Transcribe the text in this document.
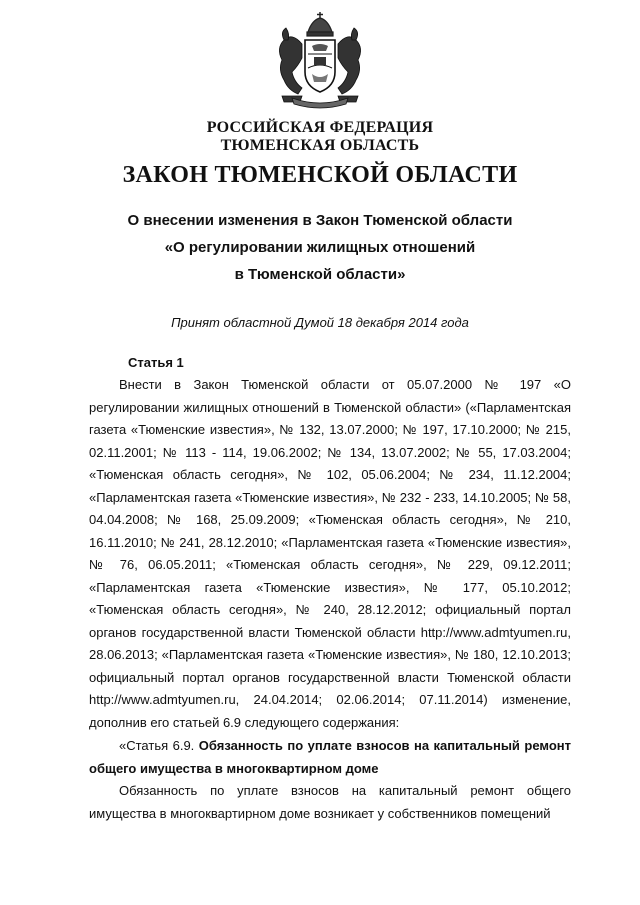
РОССИЙСКАЯ ФЕДЕРАЦИЯ
ТЮМЕНСКАЯ ОБЛАСТЬ
ЗАКОН ТЮМЕНСКОЙ ОБЛАСТИ
О внесении изменения в Закон Тюменской области
«О регулировании жилищных отношений
в Тюменской области»
Принят областной Думой 18 декабря 2014 года
Статья 1

Внести в Закон Тюменской области от 05.07.2000 № 197 «О регулировании жилищных отношений в Тюменской области» («Парламентская газета «Тюменские известия», № 132, 13.07.2000; № 197, 17.10.2000; № 215, 02.11.2001; № 113 - 114, 19.06.2002; № 134, 13.07.2002; № 55, 17.03.2004; «Тюменская область сегодня», № 102, 05.06.2004; № 234, 11.12.2004; «Парламентская газета «Тюменские известия», № 232 - 233, 14.10.2005; № 58, 04.04.2008; № 168, 25.09.2009; «Тюменская область сегодня», № 210, 16.11.2010; № 241, 28.12.2010; «Парламентская газета «Тюменские известия», № 76, 06.05.2011; «Тюменская область сегодня», № 229, 09.12.2011; «Парламентская газета «Тюменские известия», № 177, 05.10.2012; «Тюменская область сегодня», № 240, 28.12.2012; официальный портал органов государственной власти Тюменской области http://www.admtyumen.ru, 28.06.2013; «Парламентская газета «Тюменские известия», № 180, 12.10.2013; официальный портал органов государственной власти Тюменской области http://www.admtyumen.ru, 24.04.2014; 02.06.2014; 07.11.2014) изменение, дополнив его статьей 6.9 следующего содержания:

«Статья 6.9. Обязанность по уплате взносов на капитальный ремонт общего имущества в многоквартирном доме

Обязанность по уплате взносов на капитальный ремонт общего имущества в многоквартирном доме возникает у собственников помещений
